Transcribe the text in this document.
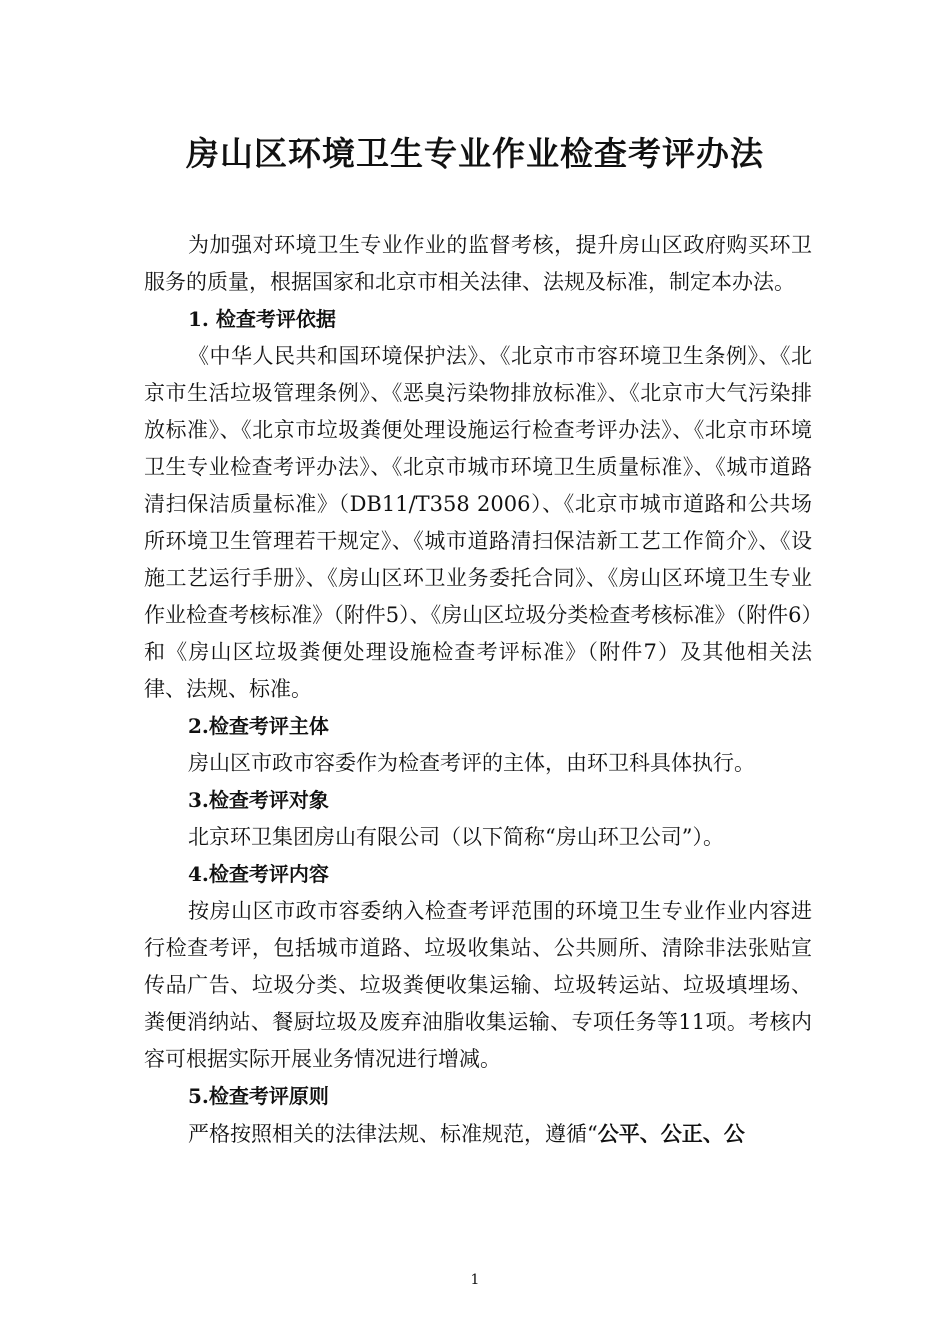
房山区环境卫生专业作业检查考评办法

为加强对环境卫生专业作业的监督考核，提升房山区政府购买环卫服务的质量，根据国家和北京市相关法律、法规及标准，制定本办法。

1. 检查考评依据

《中华人民共和国环境保护法》、《北京市市容环境卫生条例》、《北京市生活垃圾管理条例》、《恶臭污染物排放标准》、《北京市大气污染排放标准》、《北京市垃圾粪便处理设施运行检查考评办法》、《北京市环境卫生专业检查考评办法》、《北京市城市环境卫生质量标准》、《城市道路清扫保洁质量标准》（DB11/T358 2006）、《北京市城市道路和公共场所环境卫生管理若干规定》、《城市道路清扫保洁新工艺工作简介》、《设施工艺运行手册》、《房山区环卫业务委托合同》、《房山区环境卫生专业作业检查考核标准》（附件5）、《房山区垃圾分类检查考核标准》（附件6）和《房山区垃圾粪便处理设施检查考评标准》（附件7）及其他相关法律、法规、标准。

2.检查考评主体

房山区市政市容委作为检查考评的主体，由环卫科具体执行。

3.检查考评对象

北京环卫集团房山有限公司（以下简称“房山环卫公司”）。

4.检查考评内容

按房山区市政市容委纳入检查考评范围的环境卫生专业作业内容进行检查考评，包括城市道路、垃圾收集站、公共厕所、清除非法张贴宣传品广告、垃圾分类、垃圾粪便收集运输、垃圾转运站、垃圾填埋场、粪便消纳站、餐厨垃圾及废弃油脂收集运输、专项任务等11项。考核内容可根据实际开展业务情况进行增减。

5.检查考评原则

严格按照相关的法律法规、标准规范，遵循“公平、公正、公

1
